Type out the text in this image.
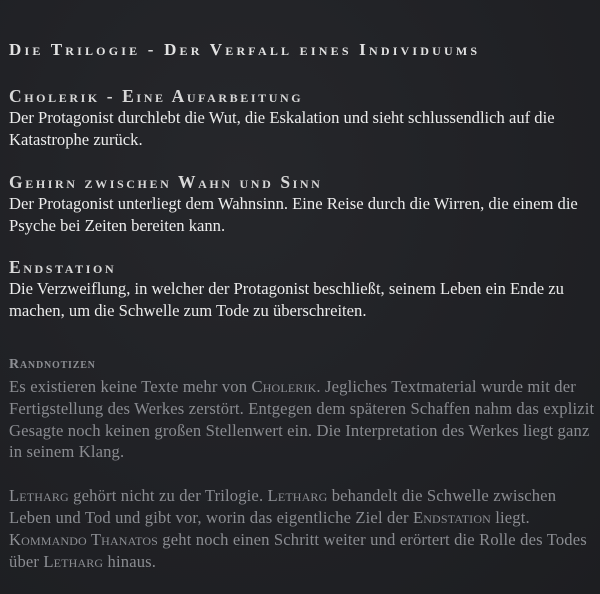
Die Trilogie - Der Verfall eines Individuums
Cholerik - Eine Aufarbeitung

Der Protagonist durchlebt die Wut, die Eskalation und sieht schlussendlich auf die Katastrophe zurück.

Gehirn zwischen Wahn und Sinn

Der Protagonist unterliegt dem Wahnsinn. Eine Reise durch die Wirren, die einem die Psyche bei Zeiten bereiten kann.

Endstation

Die Verzweiflung, in welcher der Protagonist beschließt, seinem Leben ein Ende zu machen, um die Schwelle zum Tode zu überschreiten.

Randnotizen

Es existieren keine Texte mehr von Cholerik. Jegliches Textmaterial wurde mit der Fertigstellung des Werkes zerstört. Entgegen dem späteren Schaffen nahm das explizit Gesagte noch keinen großen Stellenwert ein. Die Interpretation des Werkes liegt ganz in seinem Klang.

Letharg gehört nicht zu der Trilogie. Letharg behandelt die Schwelle zwischen Leben und Tod und gibt vor, worin das eigentliche Ziel der Endstation liegt. Kommando Thanatos geht noch einen Schritt weiter und erörtert die Rolle des Todes über Letharg hinaus.
